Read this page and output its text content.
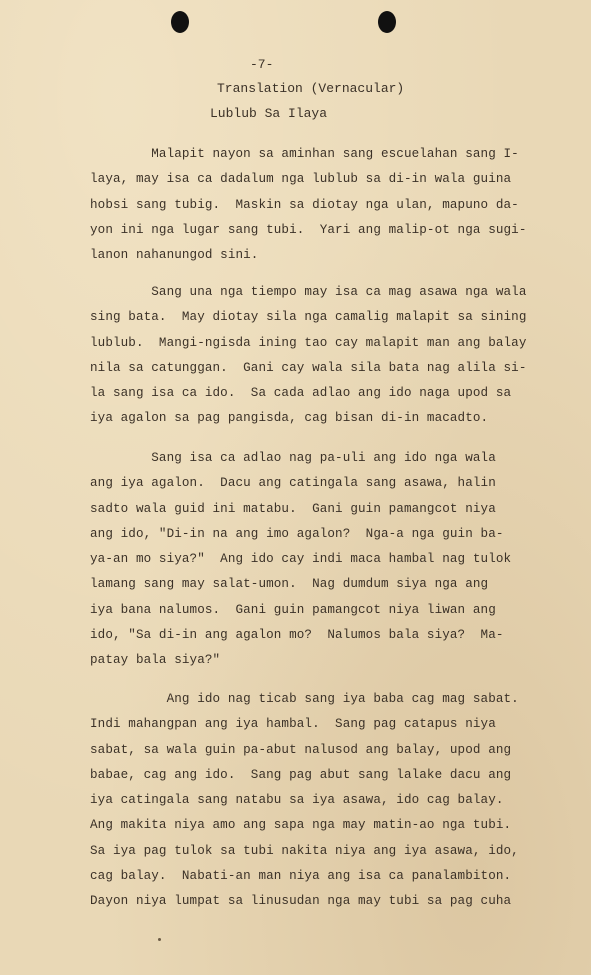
-7-
Translation (Vernacular)
Lublub Sa Ilaya
Malapit nayon sa aminhan sang escuelahan sang I-
laya, may isa ca dadalum nga lublub sa di-in wala guina
hobsi sang tubig.  Maskin sa diotay nga ulan, mapuno da-
yon ini nga lugar sang tubi.  Yari ang malip-ot nga sugi-
lanon nahanungod sini.
Sang una nga tiempo may isa ca mag asawa nga wala
sing bata.  May diotay sila nga camalig malapit sa sining
lublub.  Mangi-ngisda ining tao cay malapit man ang balay
nila sa catunggan.  Gani cay wala sila bata nag alila si-
la sang isa ca ido.  Sa cada adlao ang ido naga upod sa
iya agalon sa pag pangisda, cag bisan di-in macadto.
Sang isa ca adlao nag pa-uli ang ido nga wala
ang iya agalon.  Dacu ang catingala sang asawa, halin
sadto wala guid ini matabu.  Gani guin pamangcot niya
ang ido, "Di-in na ang imo agalon?  Nga-a nga guin ba-
ya-an mo siya?"  Ang ido cay indi maca hambal nag tulok
lamang sang may salat-umon.  Nag dumdum siya nga ang
iya bana nalumos.  Gani guin pamangcot niya liwan ang
ido, "Sa di-in ang agalon mo?  Nalumos bala siya?  Ma-
patay bala siya?"
Ang ido nag ticab sang iya baba cag mag sabat.
Indi mahangpan ang iya hambal.  Sang pag catapus niya
sabat, sa wala guin pa-abut nalusod ang balay, upod ang
babae, cag ang ido.  Sang pag abut sang lalake dacu ang
iya catingala sang natabu sa iya asawa, ido cag balay.
Ang makita niya amo ang sapa nga may matin-ao nga tubi.
Sa iya pag tulok sa tubi nakita niya ang iya asawa, ido,
cag balay.  Nabati-an man niya ang isa ca panalambiton.
Dayon niya lumpat sa linusudan nga may tubi sa pag cuha
